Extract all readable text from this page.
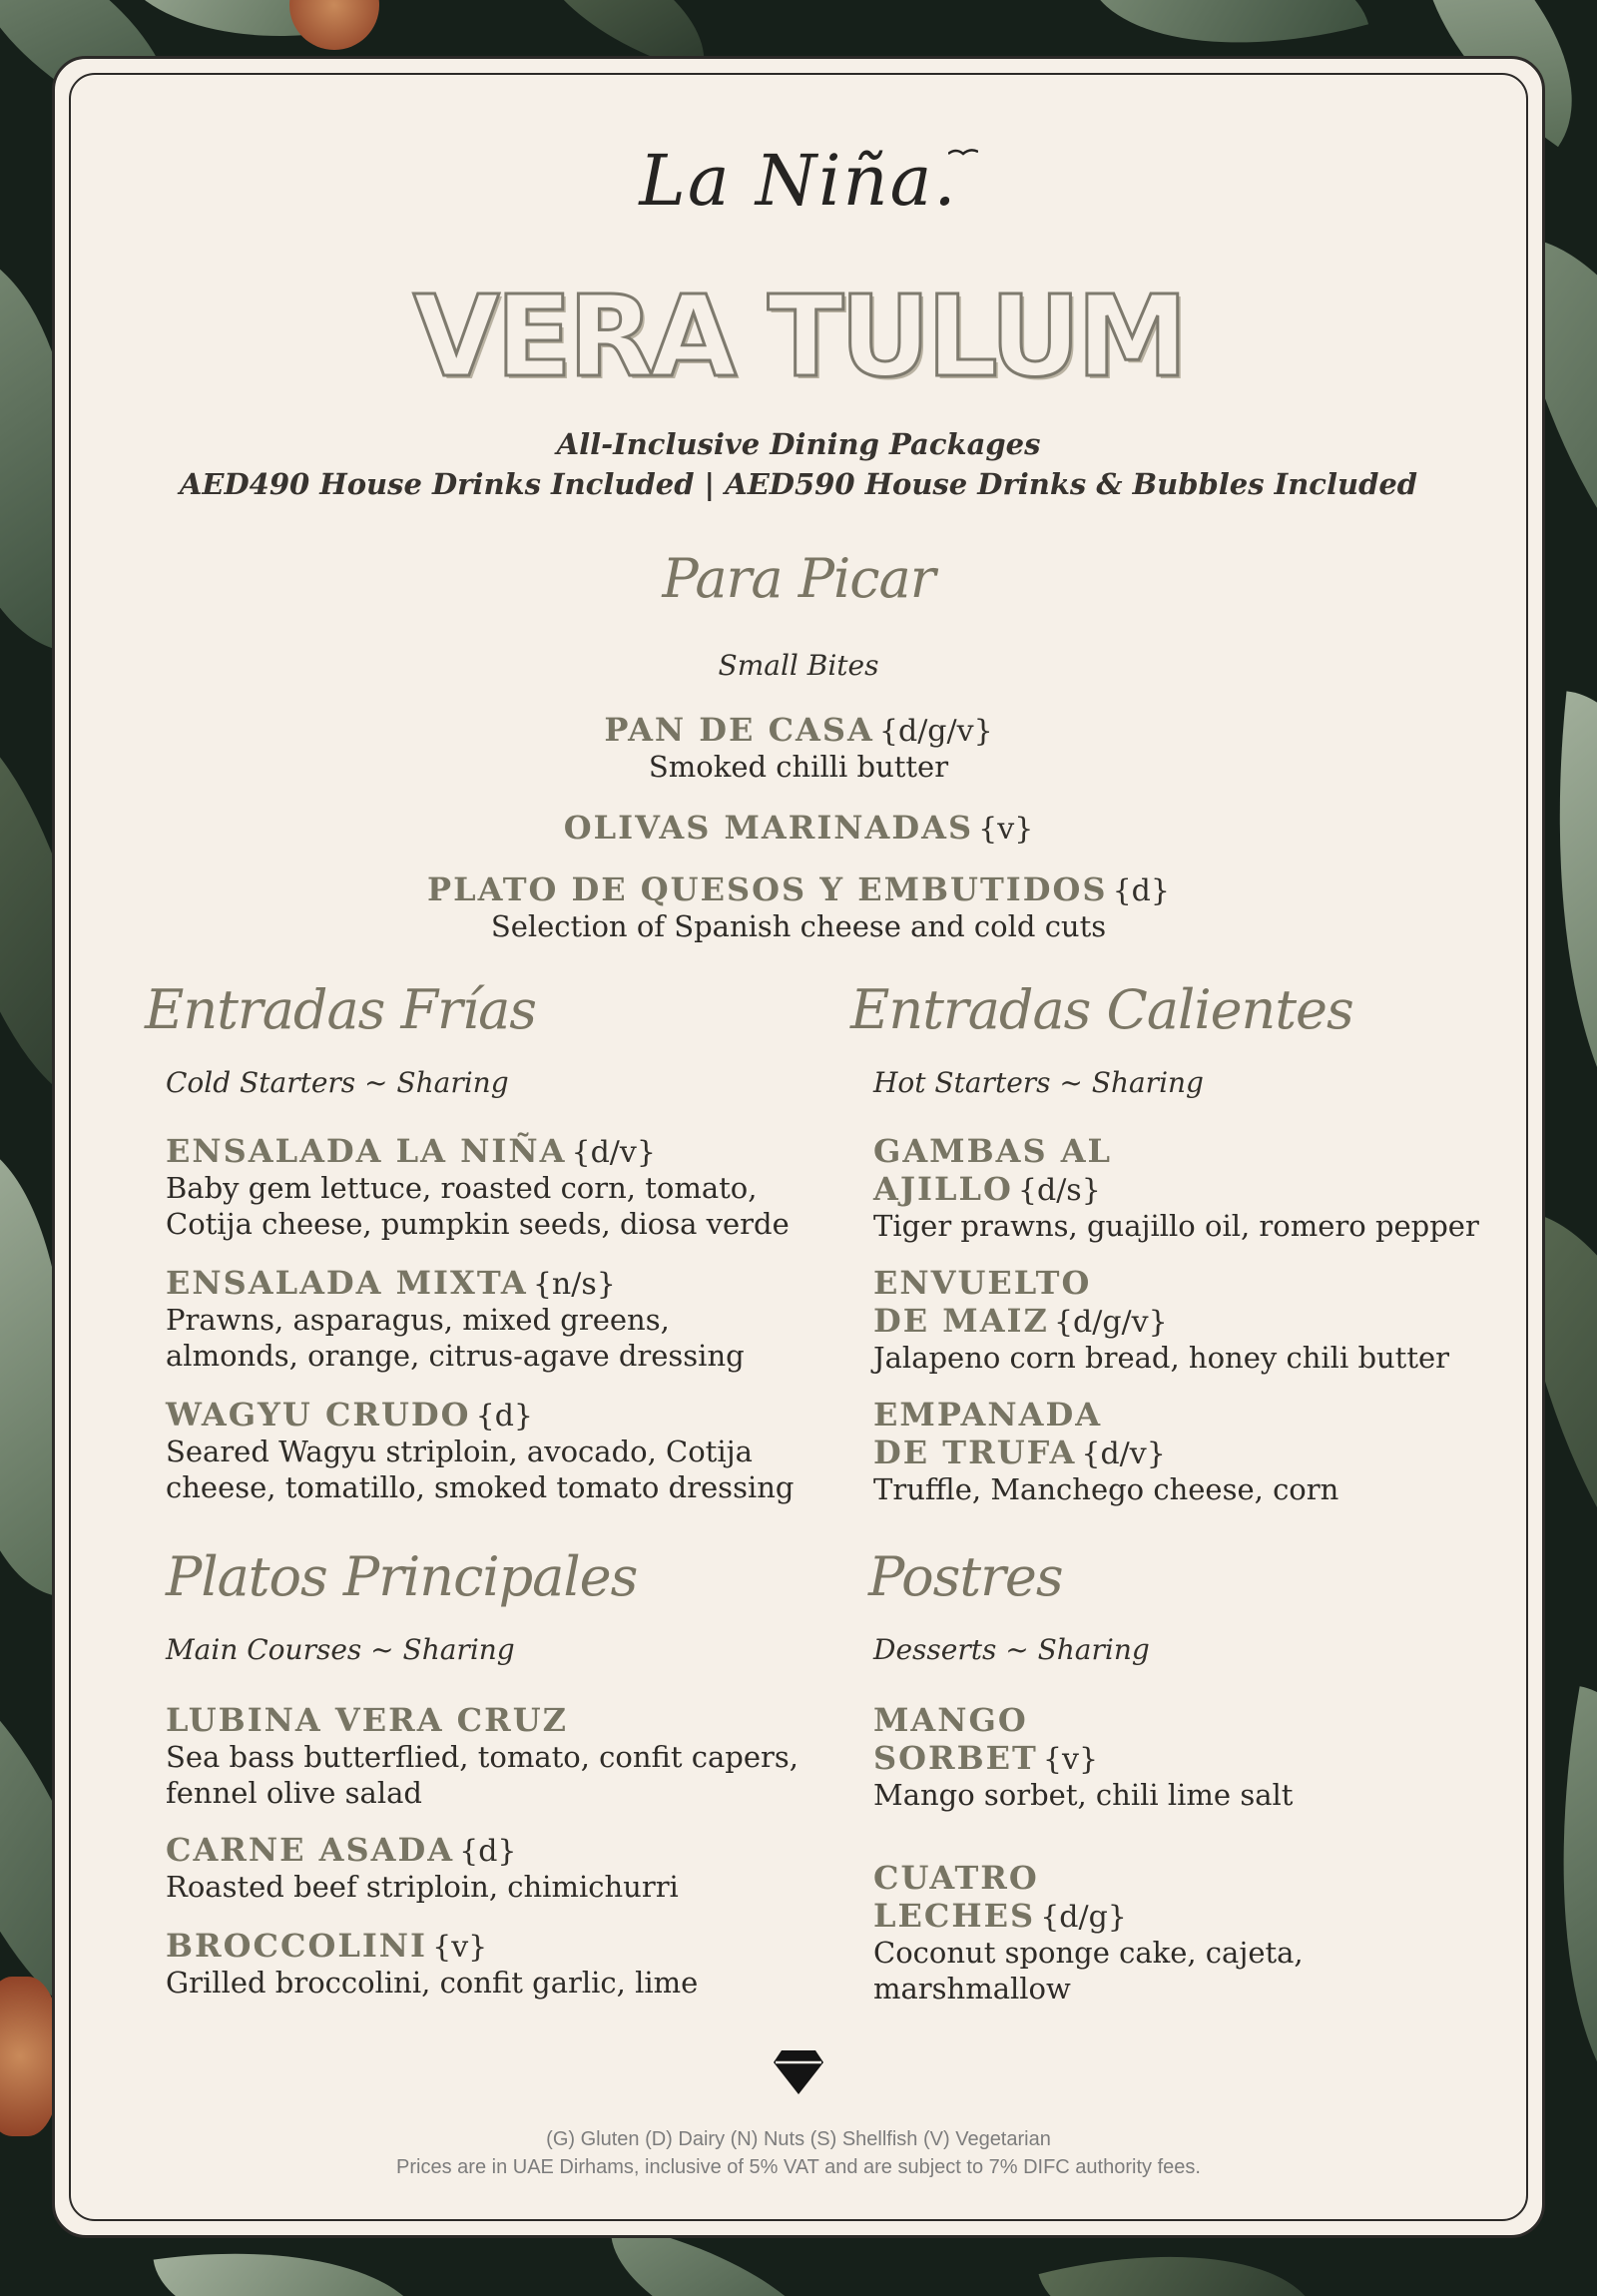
La Niña.
VERA TULUM
All-Inclusive Dining Packages
AED490 House Drinks Included | AED590 House Drinks & Bubbles Included
Para Picar
Small Bites
PAN DE CASA {d/g/v}
Smoked chilli butter
OLIVAS MARINADAS {v}
PLATO DE QUESOS Y EMBUTIDOS {d}
Selection of Spanish cheese and cold cuts
Entradas Frías
Cold Starters ~ Sharing
ENSALADA LA NIÑA {d/v}
Baby gem lettuce, roasted corn, tomato,
Cotija cheese, pumpkin seeds, diosa verde
ENSALADA MIXTA {n/s}
Prawns, asparagus, mixed greens,
almonds, orange, citrus-agave dressing
WAGYU CRUDO {d}
Seared Wagyu striploin, avocado, Cotija
cheese, tomatillo, smoked tomato dressing
Entradas Calientes
Hot Starters ~ Sharing
GAMBAS AL
AJILLO {d/s}
Tiger prawns, guajillo oil, romero pepper
ENVUELTO
DE MAIZ {d/g/v}
Jalapeno corn bread, honey chili butter
EMPANADA
DE TRUFA {d/v}
Truffle, Manchego cheese, corn
Platos Principales
Main Courses ~ Sharing
LUBINA VERA CRUZ
Sea bass butterflied, tomato, confit capers,
fennel olive salad
CARNE ASADA {d}
Roasted beef striploin, chimichurri
BROCCOLINI {v}
Grilled broccolini, confit garlic, lime
Postres
Desserts ~ Sharing
MANGO
SORBET {v}
Mango sorbet, chili lime salt
CUATRO
LECHES {d/g}
Coconut sponge cake, cajeta,
marshmallow
(G) Gluten (D) Dairy (N) Nuts (S) Shellfish (V) Vegetarian
Prices are in UAE Dirhams, inclusive of 5% VAT and are subject to 7% DIFC authority fees.
